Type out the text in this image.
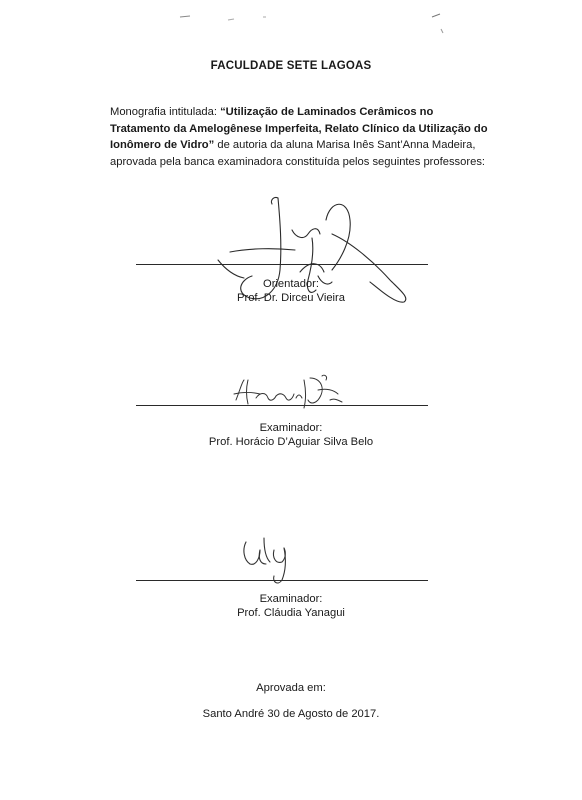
FACULDADE SETE LAGOAS
Monografia intitulada: “Utilização de Laminados Cerâmicos no Tratamento da Amelogênese Imperfeita, Relato Clínico da Utilização do Ionômero de Vidro” de autoria da aluna Marisa Inês Sant’Anna Madeira, aprovada pela banca examinadora constituída pelos seguintes professores:
Orientador:
Prof. Dr. Dirceu Vieira
Examinador:
Prof. Horácio D’Aguiar Silva Belo
Examinador:
Prof. Cláudia Yanagui
Aprovada em:
Santo André 30 de Agosto de 2017.
